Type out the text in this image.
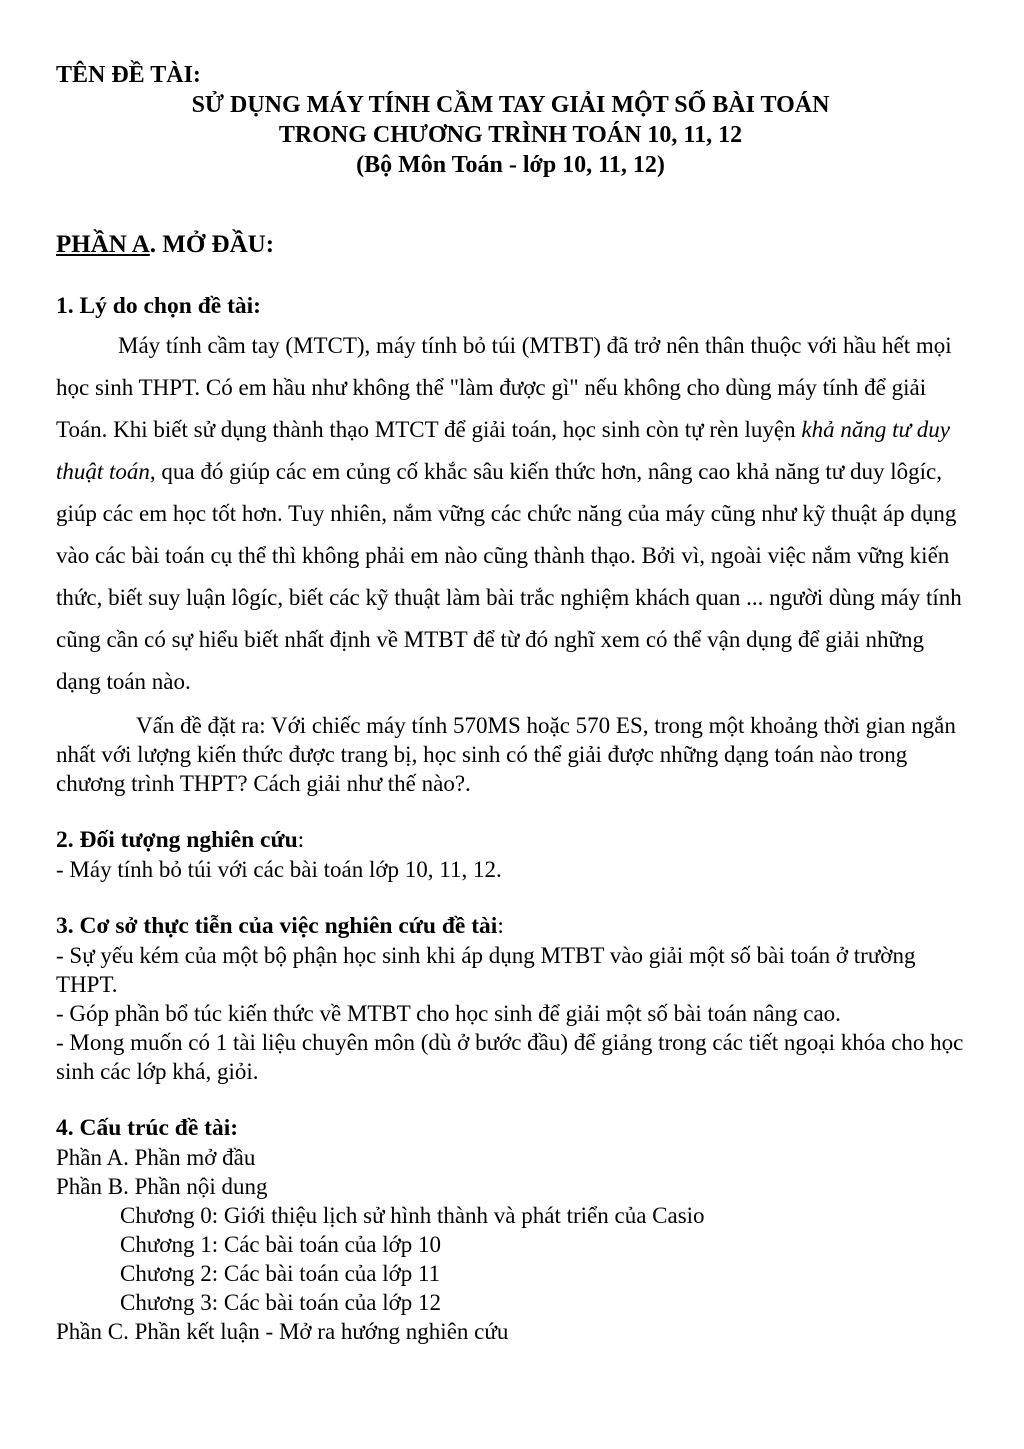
TÊN ĐỀ TÀI:
SỬ DỤNG MÁY TÍNH CẦM TAY GIẢI MỘT SỐ BÀI TOÁN
TRONG CHƯƠNG TRÌNH TOÁN 10, 11, 12
(Bộ Môn Toán - lớp 10, 11, 12)
PHẦN A. MỞ ĐẦU:
1. Lý do chọn đề tài:

Máy tính cầm tay (MTCT), máy tính bỏ túi (MTBT) đã trở nên thân thuộc với hầu hết mọi học sinh THPT. Có em hầu như không thể "làm được gì" nếu không cho dùng máy tính để giải Toán. Khi biết sử dụng thành thạo MTCT để giải toán, học sinh còn tự rèn luyện khả năng tư duy thuật toán, qua đó giúp các em củng cố khắc sâu kiến thức hơn, nâng cao khả năng tư duy lôgíc, giúp các em học tốt hơn. Tuy nhiên, nắm vững các chức năng của máy cũng như kỹ thuật áp dụng vào các bài toán cụ thể thì không phải em nào cũng thành thạo. Bởi vì, ngoài việc nắm vững kiến thức, biết suy luận lôgíc, biết các kỹ thuật làm bài trắc nghiệm khách quan ... người dùng máy tính cũng cần có sự hiểu biết nhất định về MTBT để từ đó nghĩ xem có thể vận dụng để giải những dạng toán nào.

Vấn đề đặt ra: Với chiếc máy tính 570MS hoặc 570 ES, trong một khoảng thời gian ngắn nhất với lượng kiến thức được trang bị, học sinh có thể giải được những dạng toán nào trong chương trình THPT? Cách giải như thế nào?.

2. Đối tượng nghiên cứu:
- Máy tính bỏ túi với các bài toán lớp 10, 11, 12.
3. Cơ sở thực tiễn của việc nghiên cứu đề tài:
- Sự yếu kém của một bộ phận học sinh khi áp dụng MTBT vào giải một số bài toán ở trường THPT.
- Góp phần bổ túc kiến thức về MTBT cho học sinh để giải một số bài toán nâng cao.
- Mong muốn có 1 tài liệu chuyên môn (dù ở bước đầu) để giảng trong các tiết ngoại khóa cho học sinh các lớp khá, giỏi.
4. Cấu trúc đề tài:
Phần A. Phần mở đầu
Phần B. Phần nội dung
Chương 0: Giới thiệu lịch sử hình thành và phát triển của Casio
Chương 1: Các bài toán của lớp 10
Chương 2: Các bài toán của lớp 11
Chương 3: Các bài toán của lớp 12
Phần C. Phần kết luận - Mở ra hướng nghiên cứu
